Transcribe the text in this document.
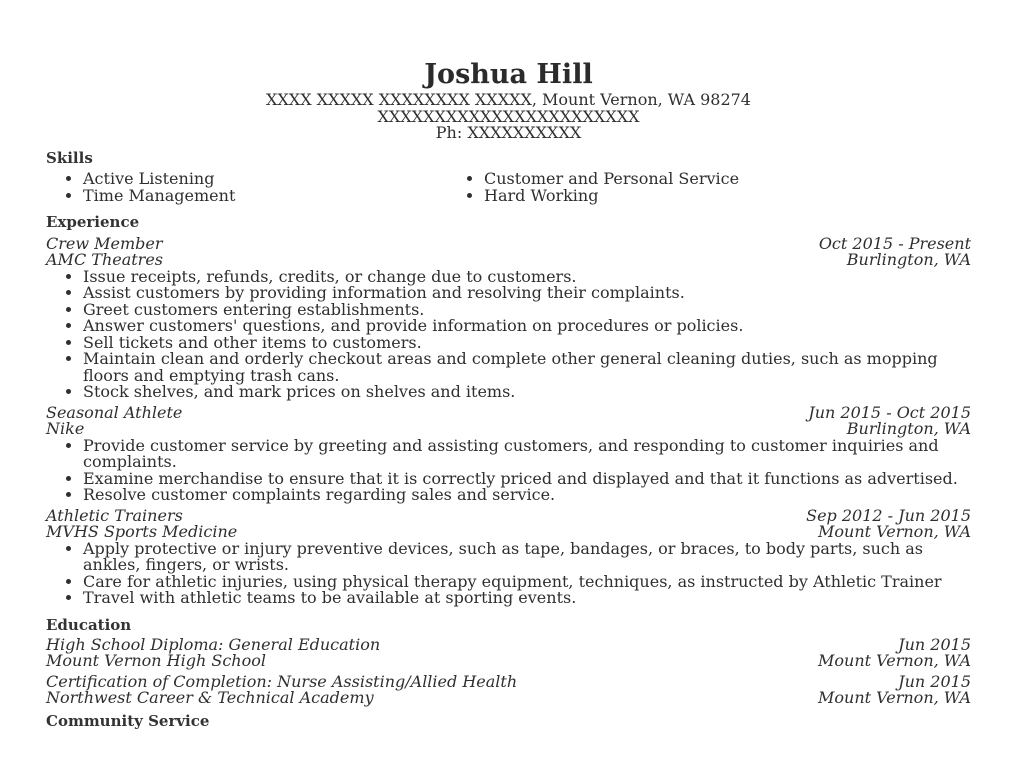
Joshua Hill
XXXX XXXXX XXXXXXXX XXXXX, Mount Vernon, WA 98274
XXXXXXXXXXXXXXXXXXXXXXX
Ph: XXXXXXXXXX
Skills
• Active Listening
• Time Management
• Customer and Personal Service
• Hard Working
Experience
Crew Member	Oct 2015 - Present
AMC Theatres	Burlington, WA
• Issue receipts, refunds, credits, or change due to customers.
• Assist customers by providing information and resolving their complaints.
• Greet customers entering establishments.
• Answer customers' questions, and provide information on procedures or policies.
• Sell tickets and other items to customers.
• Maintain clean and orderly checkout areas and complete other general cleaning duties, such as mopping floors and emptying trash cans.
• Stock shelves, and mark prices on shelves and items.
Seasonal Athlete	Jun 2015 - Oct 2015
Nike	Burlington, WA
• Provide customer service by greeting and assisting customers, and responding to customer inquiries and complaints.
• Examine merchandise to ensure that it is correctly priced and displayed and that it functions as advertised.
• Resolve customer complaints regarding sales and service.
Athletic Trainers	Sep 2012 - Jun 2015
MVHS Sports Medicine	Mount Vernon, WA
• Apply protective or injury preventive devices, such as tape, bandages, or braces, to body parts, such as ankles, fingers, or wrists.
• Care for athletic injuries, using physical therapy equipment, techniques, as instructed by Athletic Trainer
• Travel with athletic teams to be available at sporting events.
Education
High School Diploma: General Education	Jun 2015
Mount Vernon High School	Mount Vernon, WA
Certification of Completion: Nurse Assisting/Allied Health	Jun 2015
Northwest Career & Technical Academy	Mount Vernon, WA
Community Service
